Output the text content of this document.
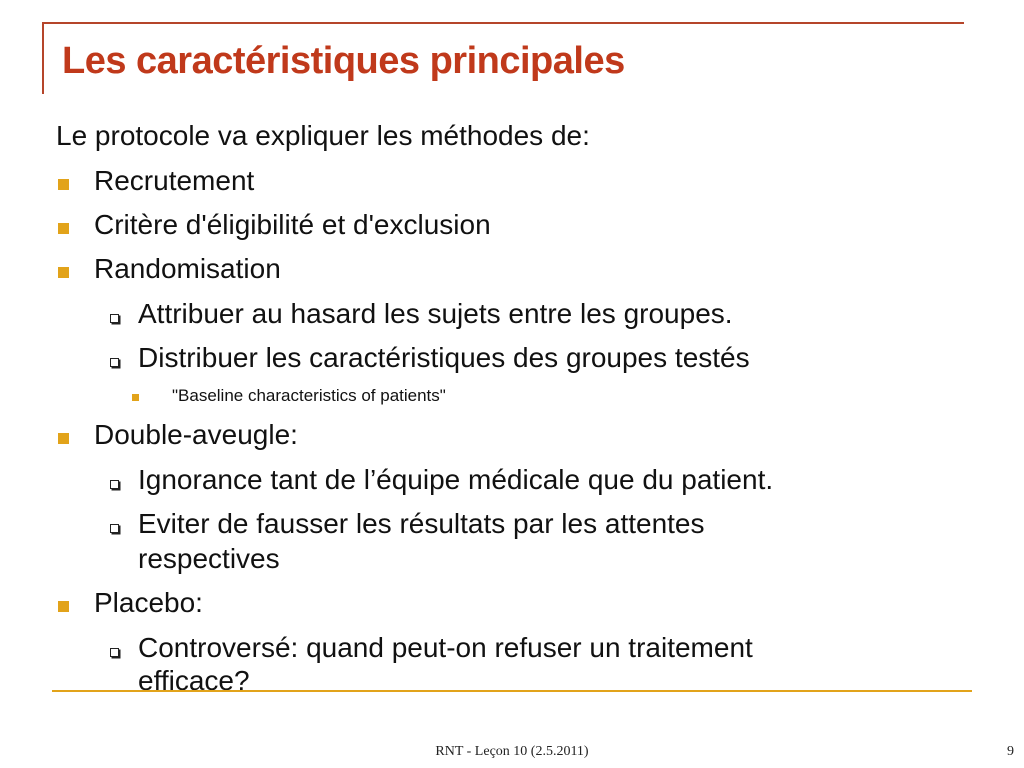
Les caractéristiques principales
Le protocole va expliquer les méthodes de:
Recrutement
Critère d'éligibilité et d'exclusion
Randomisation
Attribuer au hasard les sujets entre les groupes.
Distribuer les caractéristiques des groupes testés
"Baseline characteristics of patients"
Double-aveugle:
Ignorance tant de l’équipe médicale que du patient.
Eviter de fausser les résultats par les attentes
respectives
Placebo:
Controversé: quand peut-on refuser un traitement
efficace?
RNT - Leçon 10 (2.5.2011)	9
